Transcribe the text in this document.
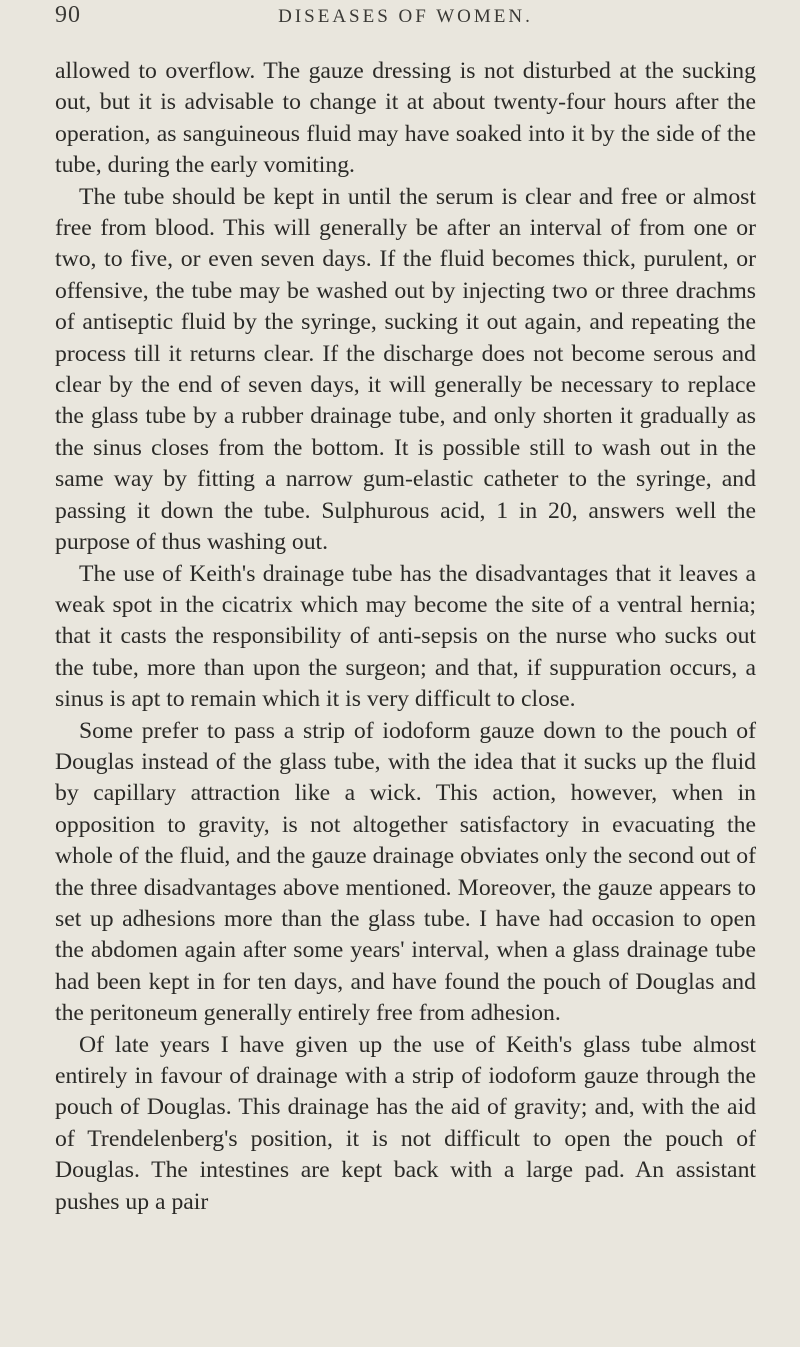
90	DISEASES OF WOMEN.

allowed to overflow. The gauze dressing is not disturbed at the sucking out, but it is advisable to change it at about twenty-four hours after the operation, as sanguineous fluid may have soaked into it by the side of the tube, during the early vomiting.

The tube should be kept in until the serum is clear and free or almost free from blood. This will generally be after an interval of from one or two, to five, or even seven days. If the fluid becomes thick, purulent, or offensive, the tube may be washed out by injecting two or three drachms of antiseptic fluid by the syringe, sucking it out again, and repeating the process till it returns clear. If the discharge does not become serous and clear by the end of seven days, it will generally be necessary to replace the glass tube by a rubber drainage tube, and only shorten it gradually as the sinus closes from the bottom. It is possible still to wash out in the same way by fitting a narrow gum-elastic catheter to the syringe, and passing it down the tube. Sulphurous acid, 1 in 20, answers well the purpose of thus washing out.

The use of Keith's drainage tube has the disadvantages that it leaves a weak spot in the cicatrix which may become the site of a ventral hernia; that it casts the responsibility of anti-sepsis on the nurse who sucks out the tube, more than upon the surgeon; and that, if suppuration occurs, a sinus is apt to remain which it is very difficult to close.

Some prefer to pass a strip of iodoform gauze down to the pouch of Douglas instead of the glass tube, with the idea that it sucks up the fluid by capillary attraction like a wick. This action, however, when in opposition to gravity, is not altogether satisfactory in evacuating the whole of the fluid, and the gauze drainage obviates only the second out of the three disadvantages above mentioned. Moreover, the gauze appears to set up adhesions more than the glass tube. I have had occasion to open the abdomen again after some years' interval, when a glass drainage tube had been kept in for ten days, and have found the pouch of Douglas and the peritoneum generally entirely free from adhesion.

Of late years I have given up the use of Keith's glass tube almost entirely in favour of drainage with a strip of iodoform gauze through the pouch of Douglas. This drainage has the aid of gravity; and, with the aid of Trendelenberg's position, it is not difficult to open the pouch of Douglas. The intestines are kept back with a large pad. An assistant pushes up a pair
